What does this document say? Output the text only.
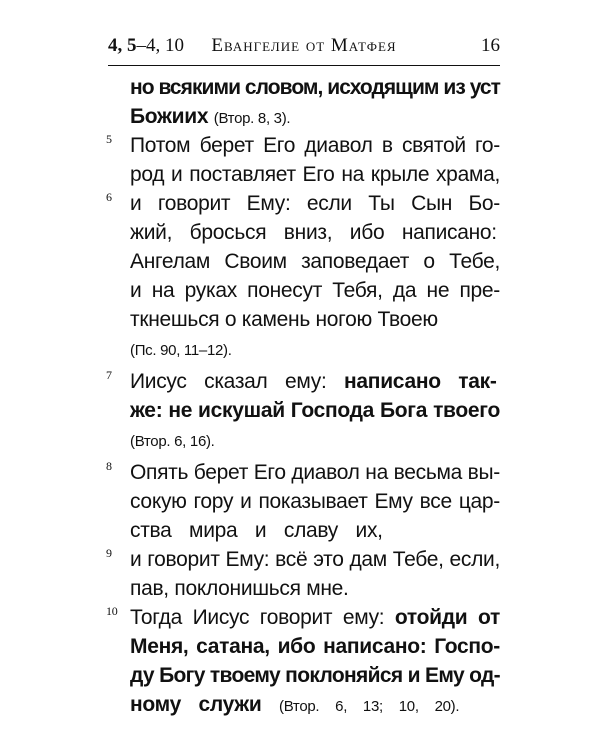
4, 5–4, 10	Евангелие от Матфея	16
но всякими словом, исходящим из уст
Божиих (Втор. 8, 3).
5 Потом берет Его диавол в святой го-
род и поставляет Его на крыле храма,
6 и говорит Ему: если Ты Сын Бо-
жий, бросься вниз, ибо написано:
Ангелам Своим заповедает о Тебе,
и на руках понесут Тебя, да не пре-
ткнешься о камень ногою Твоею
(Пс. 90, 11–12).
7 Иисус сказал ему: написано так-
же: не искушай Господа Бога твоего
(Втор. 6, 16).
8 Опять берет Его диавол на весьма вы-
сокую гору и показывает Ему все цар-
ства мира и славу их,
9 и говорит Ему: всё это дам Тебе, если,
пав, поклонишься мне.
10 Тогда Иисус говорит ему: отойди от
Меня, сатана, ибо написано: Госпо-
ду Богу твоему поклоняйся и Ему од-
ному служи (Втор. 6, 13; 10, 20).
